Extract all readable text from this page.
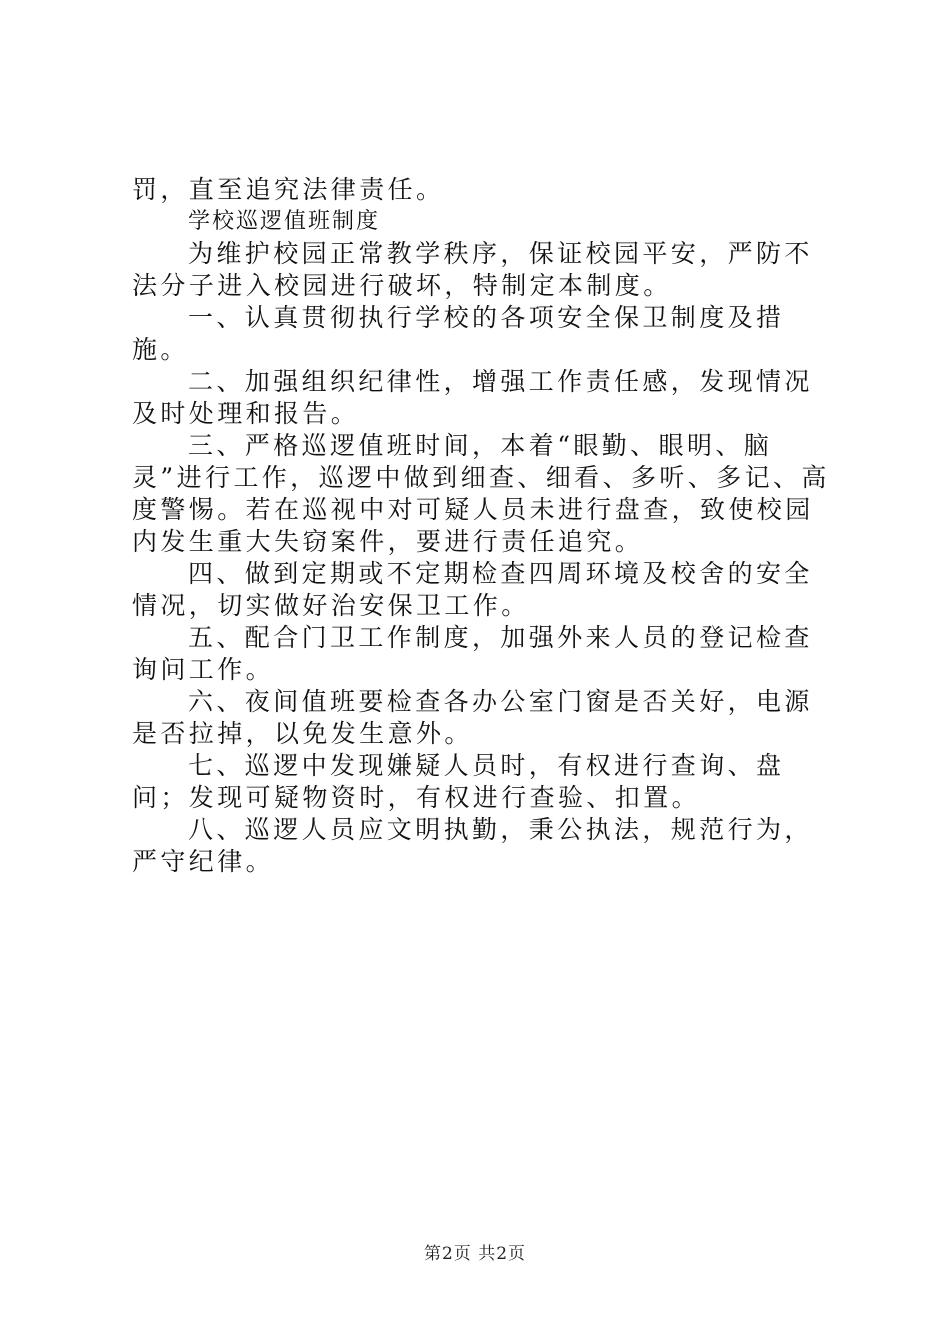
罚，直至追究法律责任。

学校巡逻值班制度

为维护校园正常教学秩序，保证校园平安，严防不法分子进入校园进行破坏，特制定本制度。

一、认真贯彻执行学校的各项安全保卫制度及措施。

二、加强组织纪律性，增强工作责任感，发现情况及时处理和报告。

三、严格巡逻值班时间，本着“眼勤、眼明、脑灵”进行工作，巡逻中做到细查、细看、多听、多记、高度警惕。若在巡视中对可疑人员未进行盘查，致使校园内发生重大失窃案件，要进行责任追究。

四、做到定期或不定期检查四周环境及校舍的安全情况，切实做好治安保卫工作。

五、配合门卫工作制度，加强外来人员的登记检查询问工作。

六、夜间值班要检查各办公室门窗是否关好，电源是否拉掉，以免发生意外。

七、巡逻中发现嫌疑人员时，有权进行查询、盘问；发现可疑物资时，有权进行查验、扣置。

八、巡逻人员应文明执勤，秉公执法，规范行为，严守纪律。

第2页 共2页
